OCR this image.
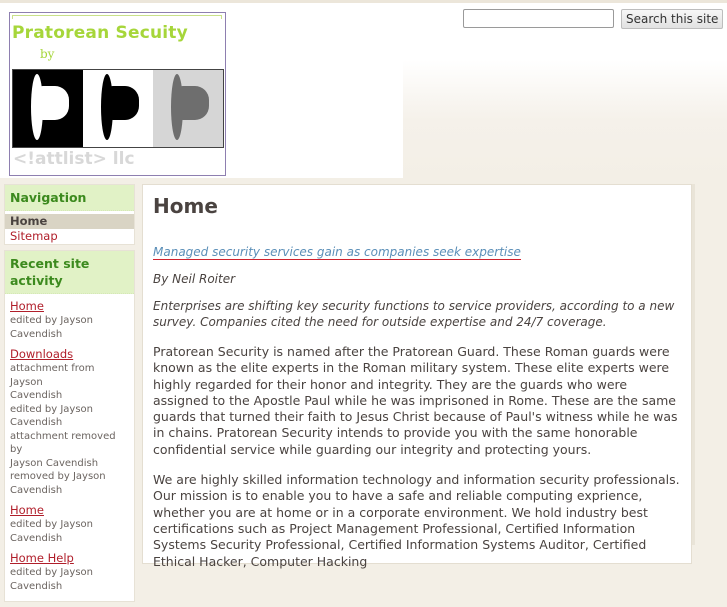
Pratorean Secuity
by
<!attlist> llc
Search this site
Navigation
Home
Sitemap
Recent site activity
Home
edited by Jayson
Cavendish
Downloads
attachment from Jayson
Cavendish
edited by Jayson
Cavendish
attachment removed by
Jayson Cavendish
removed by Jayson
Cavendish
Home
edited by Jayson
Cavendish
Home Help
edited by Jayson
Cavendish
Home
Managed security services gain as companies seek expertise
By Neil Roiter
Enterprises are shifting key security functions to service providers, according to a new survey. Companies cited the need for outside expertise and 24/7 coverage.
Pratorean Security is named after the Pratorean Guard. These Roman guards were known as the elite experts in the Roman military system. These elite experts were highly regarded for their honor and integrity. They are the guards who were assigned to the Apostle Paul while he was imprisoned in Rome. These are the same guards that turned their faith to Jesus Christ because of Paul's witness while he was in chains. Pratorean Security intends to provide you with the same honorable confidential service while guarding our integrity and protecting yours.
We are highly skilled information technology and information security professionals. Our mission is to enable you to have a safe and reliable computing exprience, whether you are at home or in a corporate environment. We hold industry best certifications such as Project Management Professional, Certified Information Systems Security Professional, Certified Information Systems Auditor, Certified Ethical Hacker, Computer Hacking
